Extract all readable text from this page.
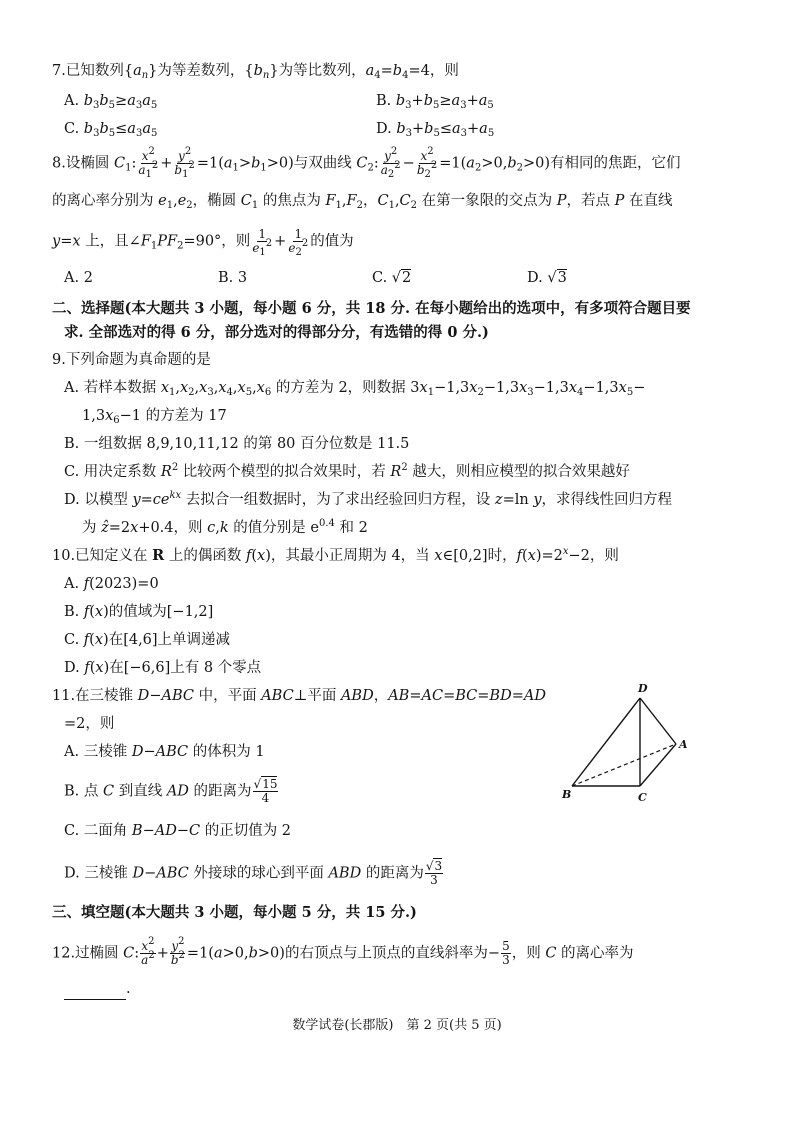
7.已知数列$\{a_n\}$为等差数列，$\{b_n\}$为等比数列，$a_4=b_4=4$，则
A. $b_3b_5\ge a_3a_5$	B. $b_3+b_5\ge a_3+a_5$
C. $b_3b_5\le a_3a_5$	D. $b_3+b_5\le a_3+a_5$
8.设椭圆 $C_1$: $\frac{x^2}{a_1^2} + \frac{y^2}{b_1^2} =1(a_1>b_1>0)$与双曲线 $C_2$: $\frac{y^2}{a_2^2} - \frac{x^2}{b_2^2} =1(a_2>0,b_2>0)$有相同的焦距，它们
的离心率分别为 $e_1,e_2$，椭圆 $C_1$ 的焦点为 $F_1,F_2$，$C_1,C_2$ 在第一象限的交点为 P，若点 P 在直线
y=x 上，且$\angle F_1PF_2=90^\circ$，则 $\frac{1}{e_1^2} + \frac{1}{e_2^2}$ 的值为
A. 2	B. 3	C. √2	D. √3
二、选择题(本大题共 3 小题，每小题 6 分，共 18 分. 在每小题给出的选项中，有多项符合题目要
求. 全部选对的得 6 分，部分选对的得部分分，有选错的得 0 分.)
9.下列命题为真命题的是
A. 若样本数据 $x_1,x_2,x_3,x_4,x_5,x_6$ 的方差为 2，则数据 $3x_1-1,3x_2-1,3x_3-1,3x_4-1,3x_5-$
$1,3x_6-1$ 的方差为 17
B. 一组数据 8,9,10,11,12 的第 80 百分位数是 11.5
C. 用决定系数 $R^2$ 比较两个模型的拟合效果时，若 $R^2$ 越大，则相应模型的拟合效果越好
D. 以模型 $y=ce^{kx}$ 去拟合一组数据时，为了求出经验回归方程，设 z=ln y，求得线性回归方程
为 ẑ=2x+0.4，则 c,k 的值分别是 $e^{0.4}$ 和 2
10.已知定义在 R 上的偶函数 f(x)，其最小正周期为 4，当 x∈[0,2]时，$f(x)=2^x-2$，则
A. f(2023)=0
B. f(x)的值域为[−1,2]
C. f(x)在[4,6]上单调递减
D. f(x)在[−6,6]上有 8 个零点
11.在三棱锥 D−ABC 中，平面 ABC⊥平面 ABD，AB=AC=BC=BD=AD
=2，则
A. 三棱锥 D−ABC 的体积为 1
B. 点 C 到直线 AD 的距离为 $\frac{√15}{4}$
C. 二面角 B−AD−C 的正切值为 2
D. 三棱锥 D−ABC 外接球的球心到平面 ABD 的距离为 $\frac{√3}{3}$
D
A
B	C
三、填空题(本大题共 3 小题，每小题 5 分，共 15 分.)
12.过椭圆 C: $\frac{x^2}{a^2} + \frac{y^2}{b^2} =1(a>0,b>0)$的右顶点与上顶点的直线斜率为− $\frac{5}{3}$ ，则 C 的离心率为
.
数学试卷(长郡版)　第 2 页(共 5 页)
